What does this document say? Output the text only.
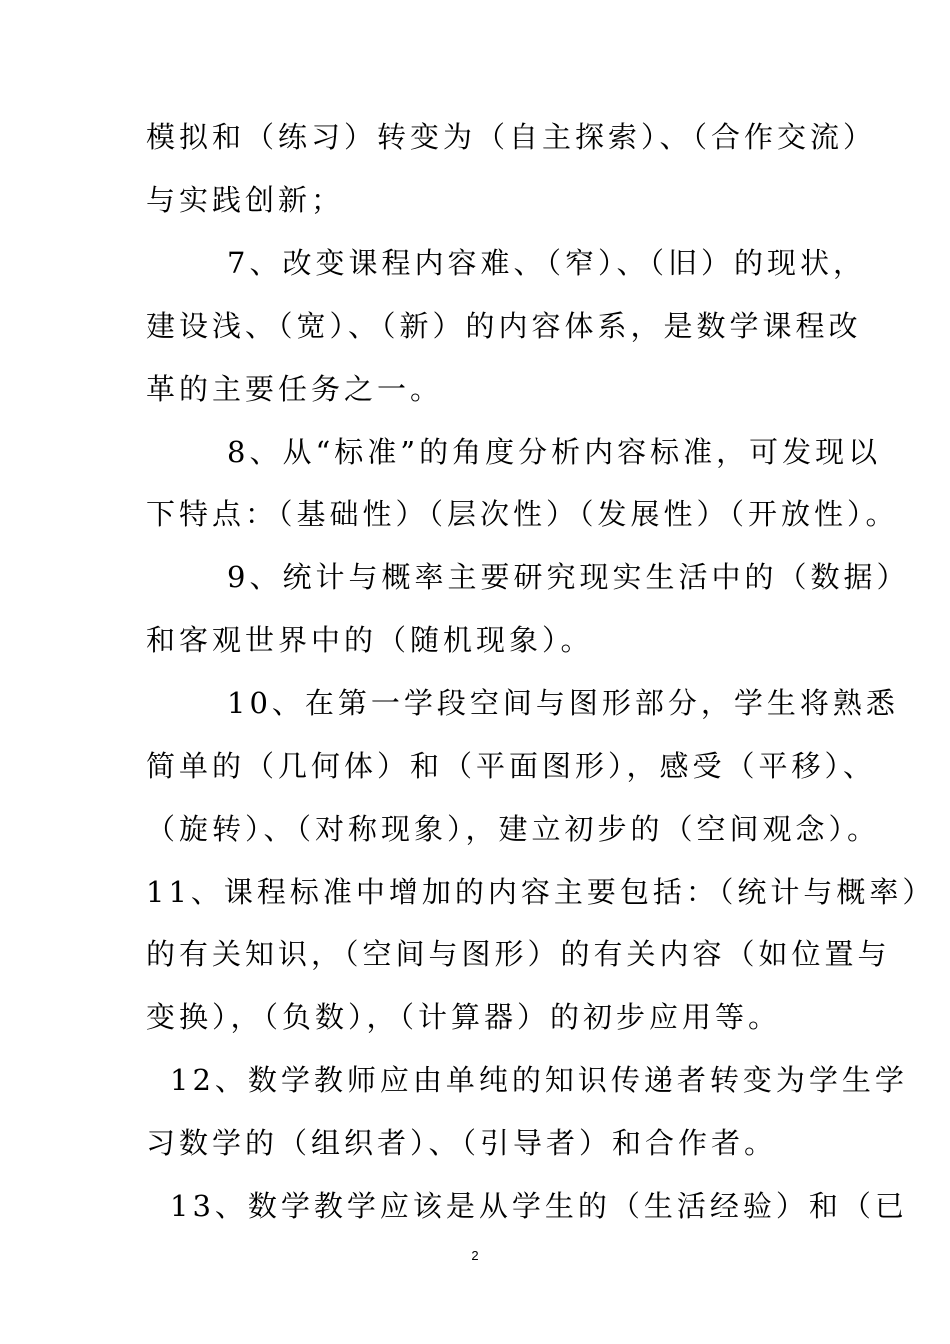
模拟和（练习）转变为（自主探索）、（合作交流）
与实践创新；
7、改变课程内容难、（窄）、（旧）的现状，
建设浅、（宽）、（新）的内容体系，是数学课程改
革的主要任务之一。
8、从“标准”的角度分析内容标准，可发现以
下特点：（基础性）（层次性）（发展性）（开放性）。
9、统计与概率主要研究现实生活中的（数据）
和客观世界中的（随机现象）。
10、在第一学段空间与图形部分，学生将熟悉
简单的（几何体）和（平面图形），感受（平移）、
（旋转）、（对称现象），建立初步的（空间观念）。
11、课程标准中增加的内容主要包括：（统计与概率）
的有关知识，（空间与图形）的有关内容（如位置与
变换），（负数），（计算器）的初步应用等。
12、数学教师应由单纯的知识传递者转变为学生学
习数学的（组织者）、（引导者）和合作者。
13、数学教学应该是从学生的（生活经验）和（已
2
